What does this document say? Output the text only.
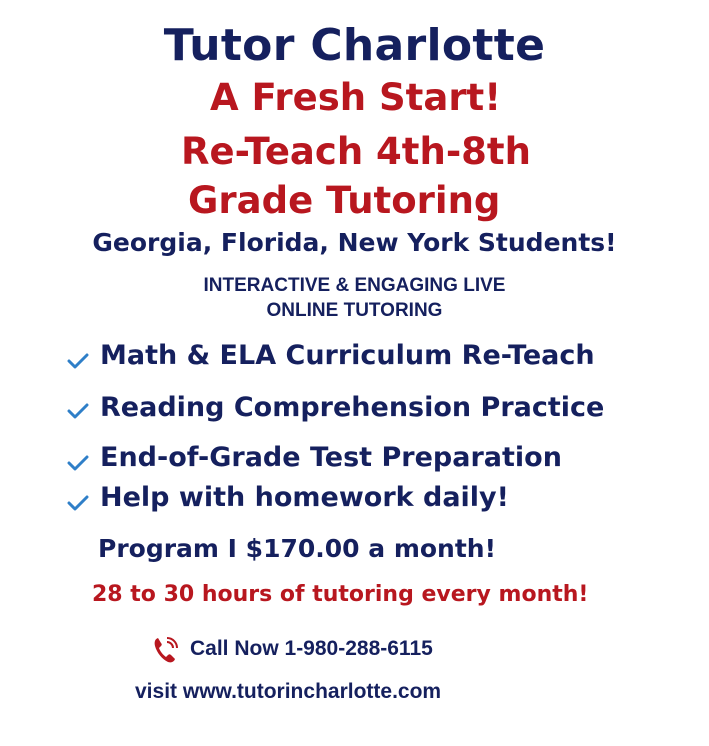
Tutor Charlotte
A Fresh Start!
Re-Teach 4th-8th
Grade Tutoring
Georgia, Florida, New York Students!
INTERACTIVE & ENGAGING LIVE
ONLINE TUTORING
Math & ELA Curriculum Re-Teach
Reading Comprehension Practice
End-of-Grade Test Preparation
Help with homework daily!
Program I $170.00 a month!
28 to 30 hours of tutoring every month!
Call Now 1-980-288-6115
visit www.tutorincharlotte.com
